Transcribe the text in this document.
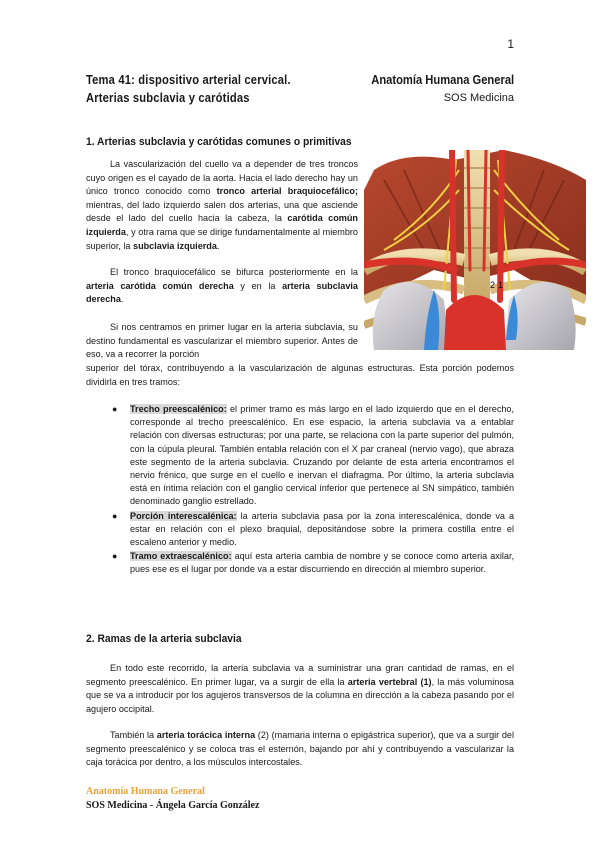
1
Tema 41: dispositivo arterial cervical.
Arterias subclavia y carótidas
Anatomía Humana General
SOS Medicina
1. Arterias subclavia y carótidas comunes o primitivas
La vascularización del cuello va a depender de tres troncos cuyo origen es el cayado de la aorta. Hacia el lado derecho hay un único tronco conocido como tronco arterial braquiocefálico; mientras, del lado izquierdo salen dos arterias, una que asciende desde el lado del cuello hacia la cabeza, la carótida común izquierda, y otra rama que se dirige fundamentalmente al miembro superior, la subclavia izquierda.
El tronco braquiocefálico se bifurca posteriormente en la arteria carótida común derecha y en la arteria subclavia derecha.
Si nos centramos en primer lugar en la arteria subclavia, su destino fundamental es vascularizar el miembro superior. Antes de eso, va a recorrer la porción
superior del tórax, contribuyendo a la vascularización de algunas estructuras. Esta porción podemos dividirla en tres tramos:
2 1
● Trecho preescalénico: el primer tramo es más largo en el lado izquierdo que en el derecho, corresponde al trecho preescalénico. En ese espacio, la arteria subclavia va a entablar relación con diversas estructuras; por una parte, se relaciona con la parte superior del pulmón, con la cúpula pleural. También entabla relación con el X par craneal (nervio vago), que abraza este segmento de la arteria subclavia. Cruzando por delante de esta arteria encontramos el nervio frénico, que surge en el cuello e inervan el diafragma. Por último, la arteria subclavia está en íntima relación con el ganglio cervical inferior que pertenece al SN simpático, también denominado ganglio estrellado.
● Porción interescalénica: la arteria subclavia pasa por la zona interescalénica, donde va a estar en relación con el plexo braquial, depositándose sobre la primera costilla entre el escaleno anterior y medio.
● Tramo extraescalénico: aquí esta arteria cambia de nombre y se conoce como arteria axilar, pues ese es el lugar por donde va a estar discurriendo en dirección al miembro superior.
2. Ramas de la arteria subclavia
En todo este recorrido, la arteria subclavia va a suministrar una gran cantidad de ramas, en el segmento preescalénico. En primer lugar, va a surgir de ella la arteria vertebral (1), la más voluminosa que se va a introducir por los agujeros transversos de la columna en dirección a la cabeza pasando por el agujero occipital.
También la arteria torácica interna (2) (mamaria interna o epigástrica superior), que va a surgir del segmento preescalénico y se coloca tras el esternón, bajando por ahí y contribuyendo a vascularizar la caja torácica por dentro, a los músculos intercostales.
Anatomía Humana General
SOS Medicina - Ángela García González
